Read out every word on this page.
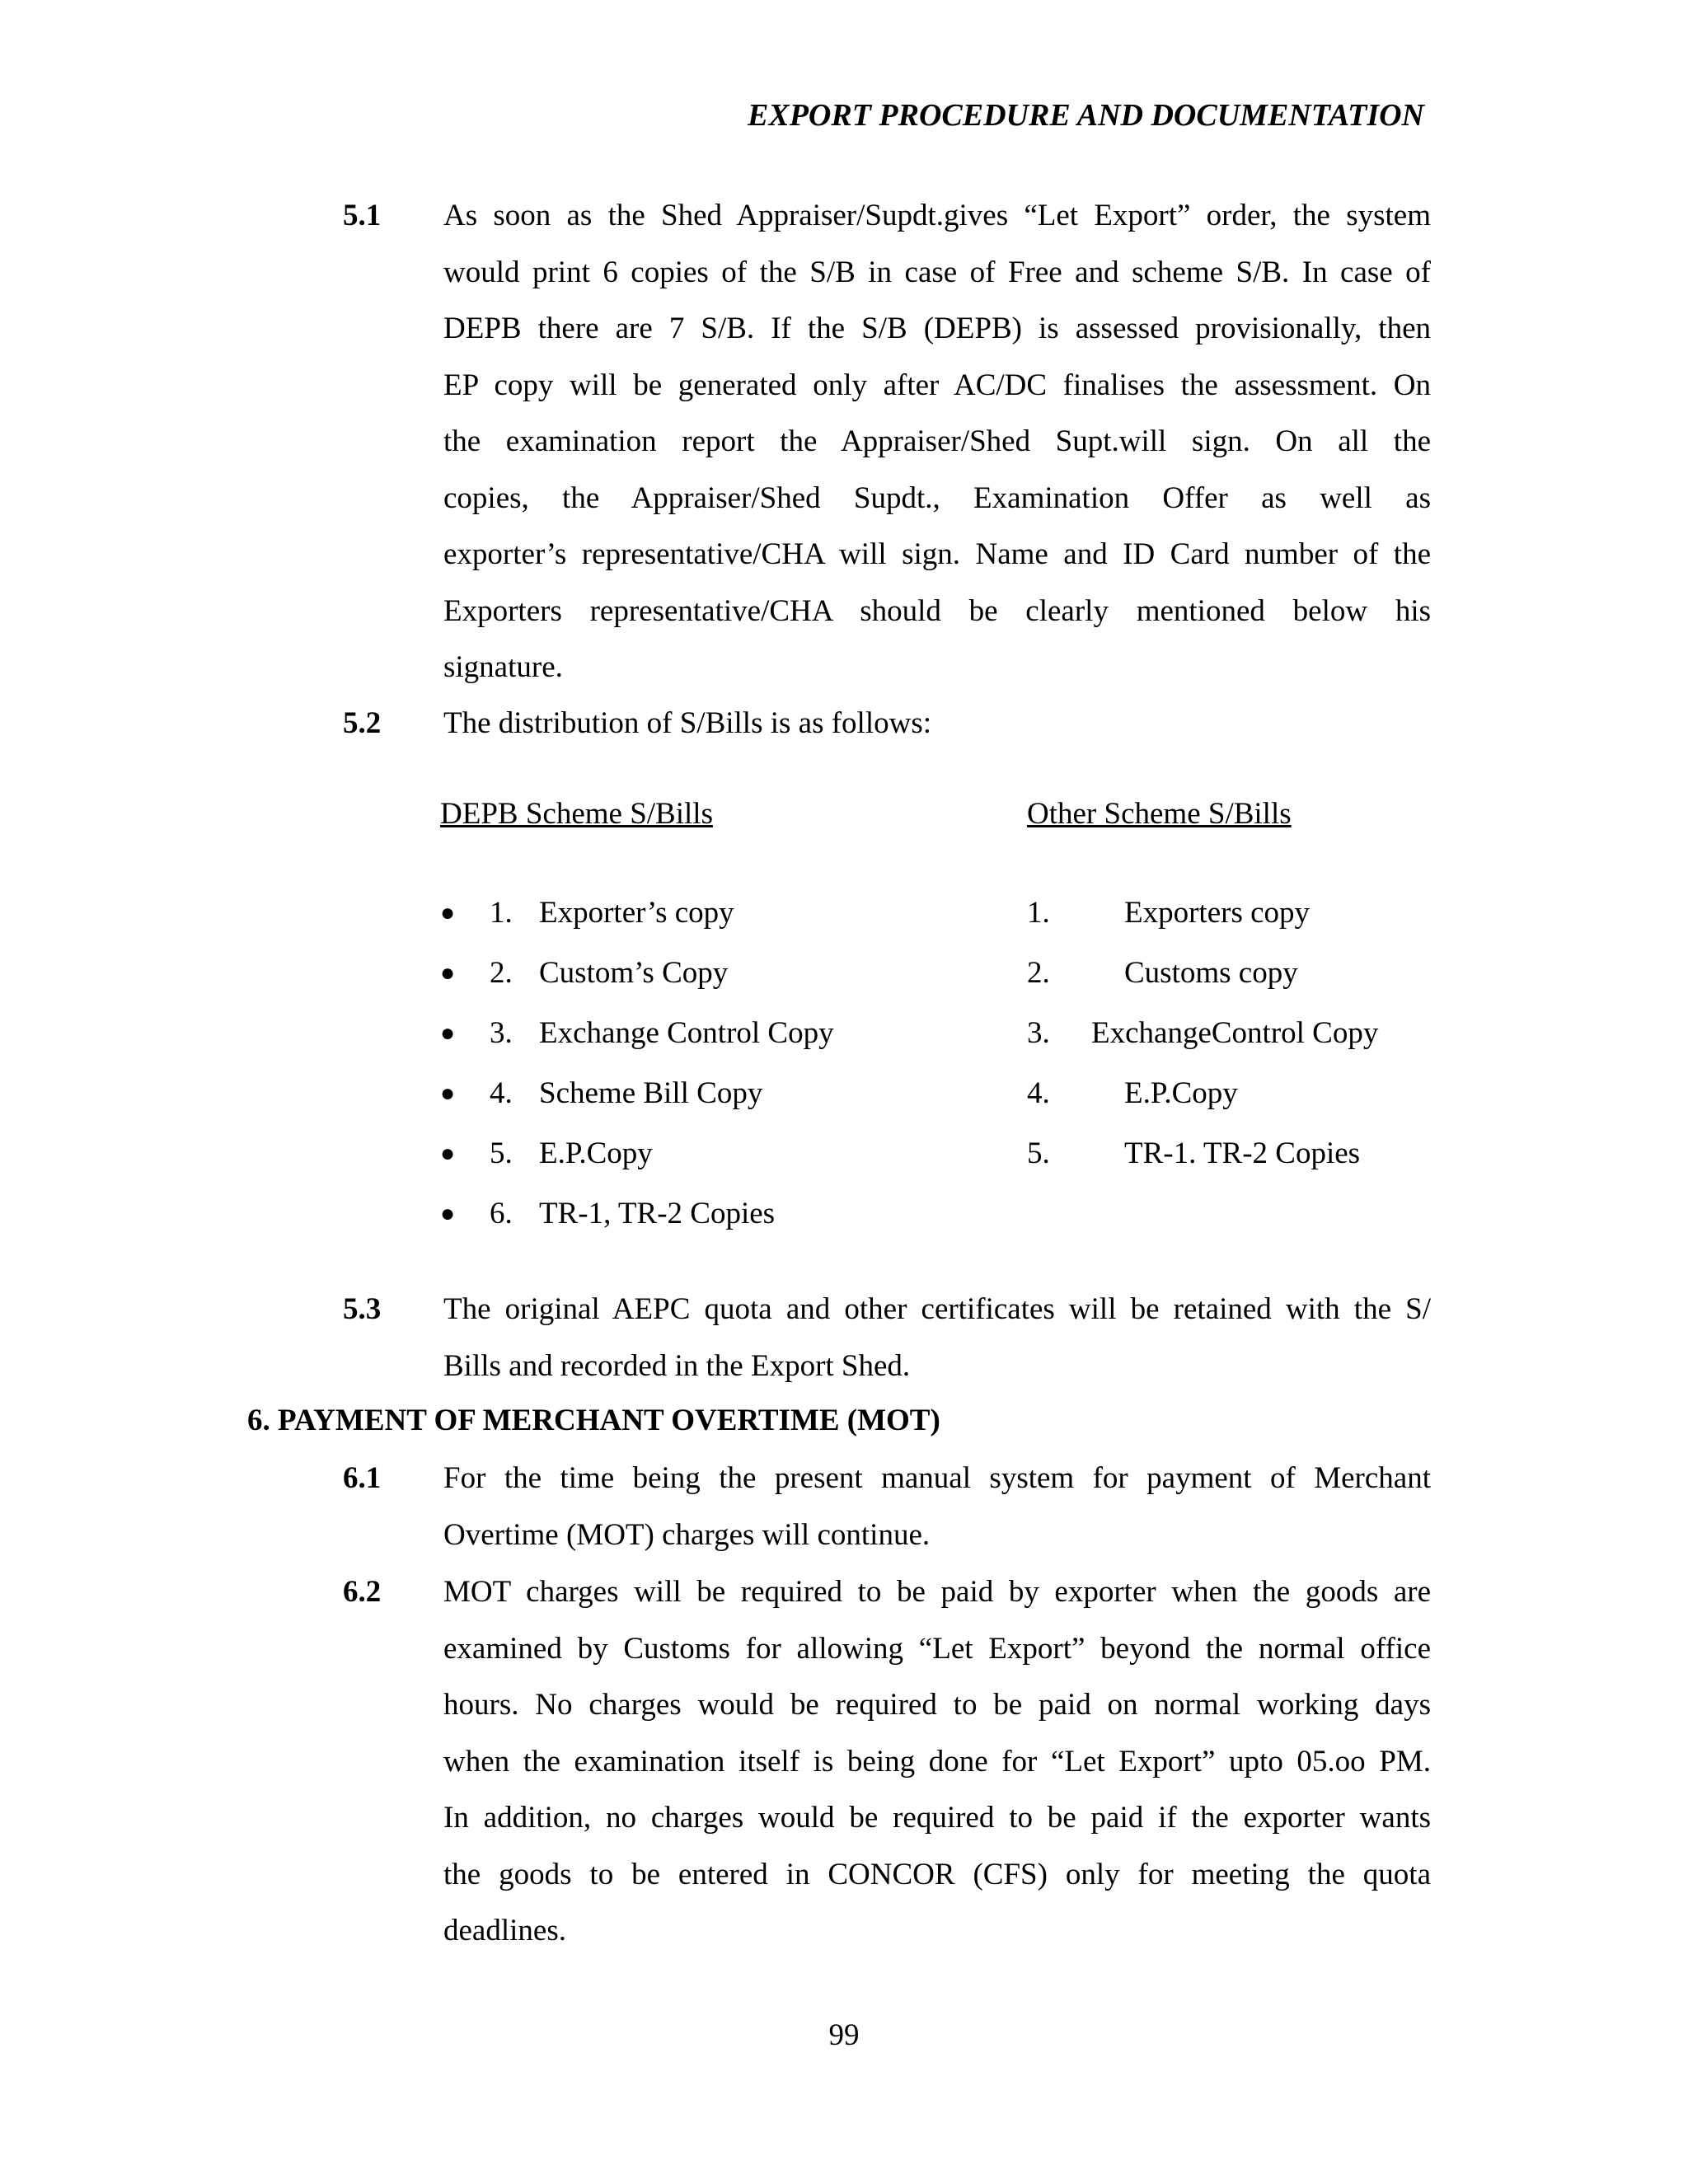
EXPORT PROCEDURE AND DOCUMENTATION
5.1 As soon as the Shed Appraiser/Supdt.gives “Let Export” order, the system
would print 6 copies of the S/B in case of Free and scheme S/B. In case of
DEPB there are 7 S/B. If the S/B (DEPB) is assessed provisionally, then
EP copy will be generated only after AC/DC finalises the assessment. On
the examination report the Appraiser/Shed Supt.will sign. On all the
copies, the Appraiser/Shed Supdt., Examination Offer as well as
exporter’s representative/CHA will sign. Name and ID Card number of the
Exporters representative/CHA should be clearly mentioned below his
signature.
5.2 The distribution of S/Bills is as follows:
DEPB Scheme S/Bills	Other Scheme S/Bills
● 1. Exporter’s copy
● 2. Custom’s Copy
● 3. Exchange Control Copy
● 4. Scheme Bill Copy
● 5. E.P.Copy
● 6. TR-1, TR-2 Copies
1. Exporters copy
2. Customs copy
3. ExchangeControl Copy
4. E.P.Copy
5. TR-1. TR-2 Copies
5.3 The original AEPC quota and other certificates will be retained with the S/
Bills and recorded in the Export Shed.
6. PAYMENT OF MERCHANT OVERTIME (MOT)
6.1 For the time being the present manual system for payment of Merchant
Overtime (MOT) charges will continue.
6.2 MOT charges will be required to be paid by exporter when the goods are
examined by Customs for allowing “Let Export” beyond the normal office
hours. No charges would be required to be paid on normal working days
when the examination itself is being done for “Let Export” upto 05.oo PM.
In addition, no charges would be required to be paid if the exporter wants
the goods to be entered in CONCOR (CFS) only for meeting the quota
deadlines.
99
